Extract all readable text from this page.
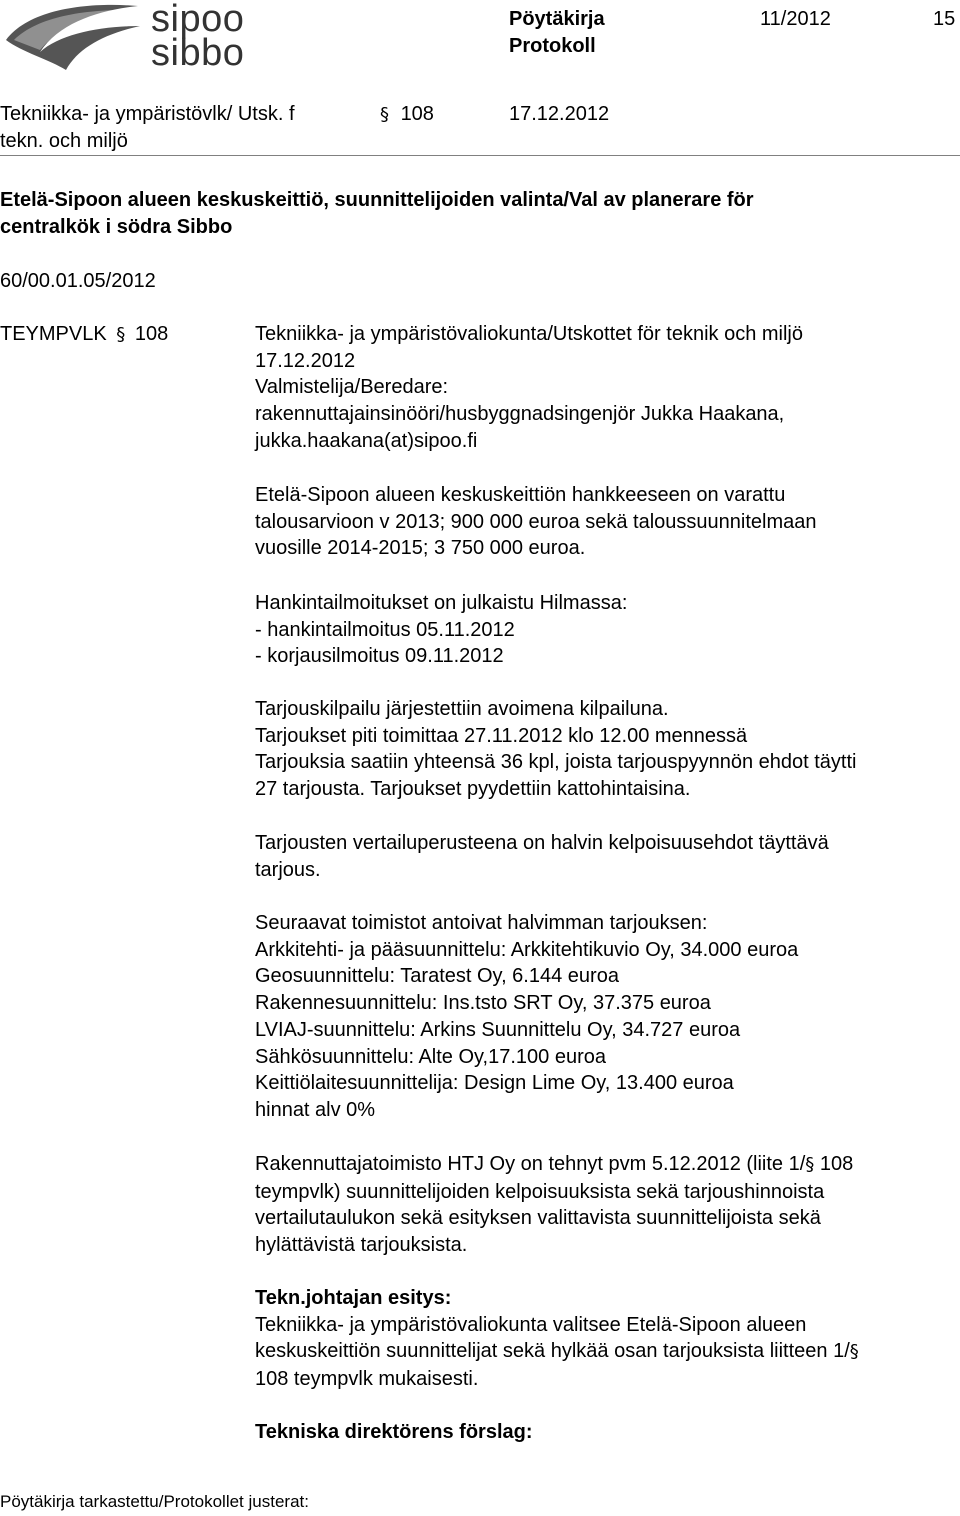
sipoo
sibbo
Pöytäkirja
Protokoll
11/2012	15
Tekniikka- ja ympäristövlk/ Utsk. f
tekn. och miljö
§ 108	17.12.2012
Etelä-Sipoon alueen keskuskeittiö, suunnittelijoiden valinta/Val av planerare för
centralkök i södra Sibbo
60/00.01.05/2012
TEYMPVLK § 108	Tekniikka- ja ympäristövaliokunta/Utskottet för teknik och miljö

17.12.2012

Valmistelija/Beredare:

rakennuttajainsinööri/husbyggnadsingenjör Jukka Haakana,

jukka.haakana(at)sipoo.fi

Etelä-Sipoon alueen keskuskeittiön hankkeeseen on varattu

talousarvioon v 2013; 900 000 euroa sekä taloussuunnitelmaan

vuosille 2014-2015; 3 750 000 euroa.

Hankintailmoitukset on julkaistu Hilmassa:

- hankintailmoitus 05.11.2012

- korjausilmoitus 09.11.2012

Tarjouskilpailu järjestettiin avoimena kilpailuna.

Tarjoukset piti toimittaa 27.11.2012 klo 12.00 mennessä

Tarjouksia saatiin yhteensä 36 kpl, joista tarjouspyynnön ehdot täytti

27 tarjousta. Tarjoukset pyydettiin kattohintaisina.

Tarjousten vertailuperusteena on halvin kelpoisuusehdot täyttävä

tarjous.

Seuraavat toimistot antoivat halvimman tarjouksen:

Arkkitehti- ja pääsuunnittelu: Arkkitehtikuvio Oy, 34.000 euroa

Geosuunnittelu: Taratest Oy, 6.144 euroa

Rakennesuunnittelu: Ins.tsto SRT Oy, 37.375 euroa

LVIAJ-suunnittelu: Arkins Suunnittelu Oy, 34.727 euroa

Sähkösuunnittelu: Alte Oy,17.100 euroa

Keittiölaitesuunnittelija: Design Lime Oy, 13.400 euroa

hinnat alv 0%

Rakennuttajatoimisto HTJ Oy on tehnyt pvm 5.12.2012 (liite 1/§ 108

teympvlk) suunnittelijoiden kelpoisuuksista sekä tarjoushinnoista

vertailutaulukon sekä esityksen valittavista suunnittelijoista sekä

hylättävistä tarjouksista.

Tekn.johtajan esitys:

Tekniikka- ja ympäristövaliokunta valitsee Etelä-Sipoon alueen

keskuskeittiön suunnittelijat sekä hylkää osan tarjouksista liitteen 1/§

108 teympvlk mukaisesti.

Tekniska direktörens förslag:

Pöytäkirja tarkastettu/Protokollet justerat:
